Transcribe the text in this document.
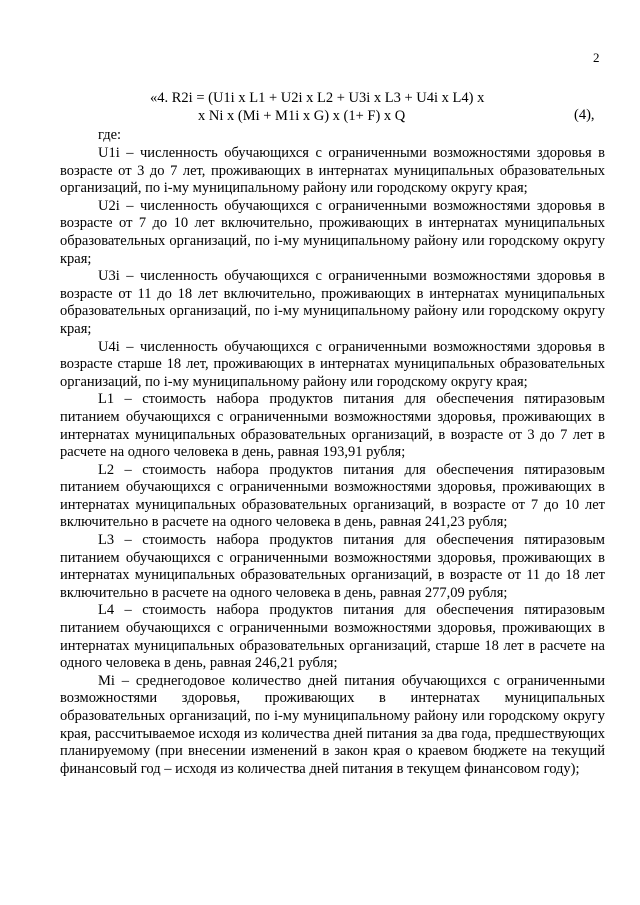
2
«4. R2i = (U1i х L1 + U2i х L2 + U3i х L3 + U4i х L4) х
х Ni х (Mi + M1i х G) х (1+ F) х Q	(4),
где:

U1i – численность обучающихся с ограниченными возможностями здоровья в возрасте от 3 до 7 лет, проживающих в интернатах муниципальных образовательных организаций, по i-му муниципальному району или городскому округу края;

U2i – численность обучающихся с ограниченными возможностями здоровья в возрасте от 7 до 10 лет включительно, проживающих в интернатах муниципальных образовательных организаций, по i-му муниципальному району или городскому округу края;

U3i – численность обучающихся с ограниченными возможностями здоровья в возрасте от 11 до 18 лет включительно, проживающих в интернатах муниципальных образовательных организаций, по i-му муниципальному району или городскому округу края;

U4i – численность обучающихся с ограниченными возможностями здоровья в возрасте старше 18 лет, проживающих в интернатах муниципальных образовательных организаций, по i-му муниципальному району или городскому округу края;

L1 – стоимость набора продуктов питания для обеспечения пятиразовым питанием обучающихся с ограниченными возможностями здоровья, проживающих в интернатах муниципальных образовательных организаций, в возрасте от 3 до 7 лет в расчете на одного человека в день, равная 193,91 рубля;

L2 – стоимость набора продуктов питания для обеспечения пятиразовым питанием обучающихся с ограниченными возможностями здоровья, проживающих в интернатах муниципальных образовательных организаций, в возрасте от 7 до 10 лет включительно в расчете на одного человека в день, равная 241,23 рубля;

L3 – стоимость набора продуктов питания для обеспечения пятиразовым питанием обучающихся с ограниченными возможностями здоровья, проживающих в интернатах муниципальных образовательных организаций, в возрасте от 11 до 18 лет включительно в расчете на одного человека в день, равная 277,09 рубля;

L4 – стоимость набора продуктов питания для обеспечения пятиразовым питанием обучающихся с ограниченными возможностями здоровья, проживающих в интернатах муниципальных образовательных организаций, старше 18 лет в расчете на одного человека в день, равная 246,21 рубля;

Mi – среднегодовое количество дней питания обучающихся с ограниченными возможностями здоровья, проживающих в интернатах муниципальных образовательных организаций, по i-му муниципальному району или городскому округу края, рассчитываемое исходя из количества дней питания за два года, предшествующих планируемому (при внесении изменений в закон края о краевом бюджете на текущий финансовый год – исходя из количества дней питания в текущем финансовом году);
